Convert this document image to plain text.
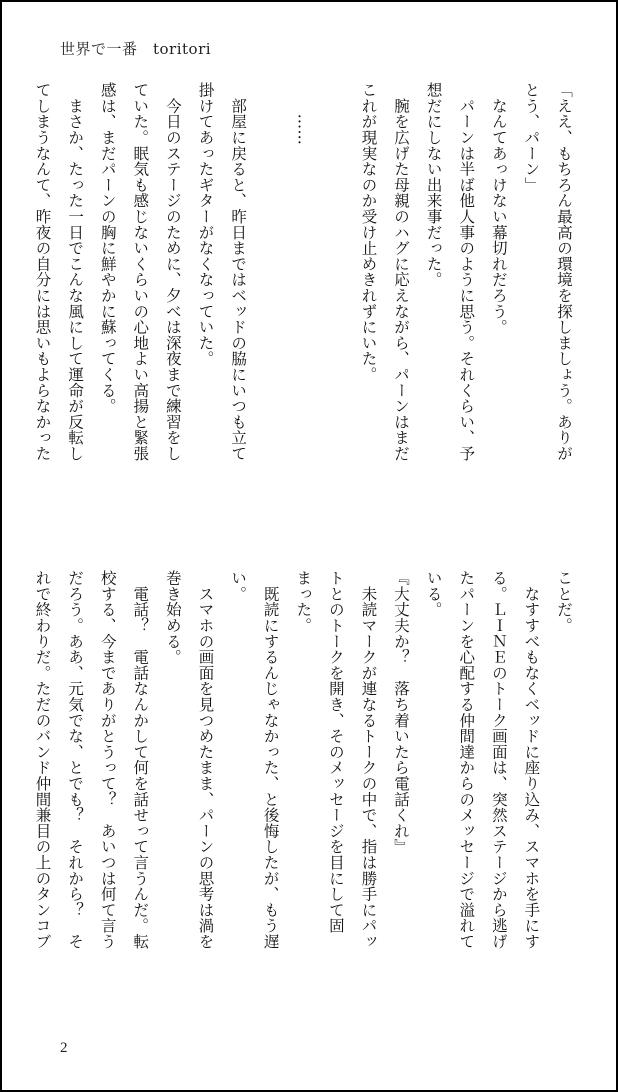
世界で一番　toritori
「ええ、もちろん最高の環境を探しましょう。ありが
とう、パーン」
　なんてあっけない幕切れだろう。
　パーンは半ば他人事のように思う。それくらい、予
想だにしない出来事だった。
　腕を広げた母親のハグに応えながら、パーンはまだ
これが現実なのか受け止めきれずにいた。
　　……
　部屋に戻ると、昨日まではベッドの脇にいつも立て
掛けてあったギターがなくなっていた。
　今日のステージのために、夕べは深夜まで練習をし
ていた。眠気も感じないくらいの心地よい高揚と緊張
感は、まだパーンの胸に鮮やかに蘇ってくる。
　まさか、たった一日でこんな風にして運命が反転し
てしまうなんて、昨夜の自分には思いもよらなかった
ことだ。
　なすすべもなくベッドに座り込み、スマホを手にす
る。ＬＩＮＥのトーク画面は、突然ステージから逃げ
たパーンを心配する仲間達からのメッセージで溢れて
いる。
『大丈夫か？　落ち着いたら電話くれ』
　未読マークが連なるトークの中で、指は勝手にパッ
トとのトークを開き、そのメッセージを目にして固
まった。
　既読にするんじゃなかった、と後悔したが、もう遅
い。
　スマホの画面を見つめたまま、パーンの思考は渦を
巻き始める。
　電話？　電話なんかして何を話せって言うんだ。転
校する、今までありがとうって？　あいつは何て言う
だろう。ああ、元気でな、とでも？　それから？　そ
れで終わりだ。ただのバンド仲間兼目の上のタンコブ
2
